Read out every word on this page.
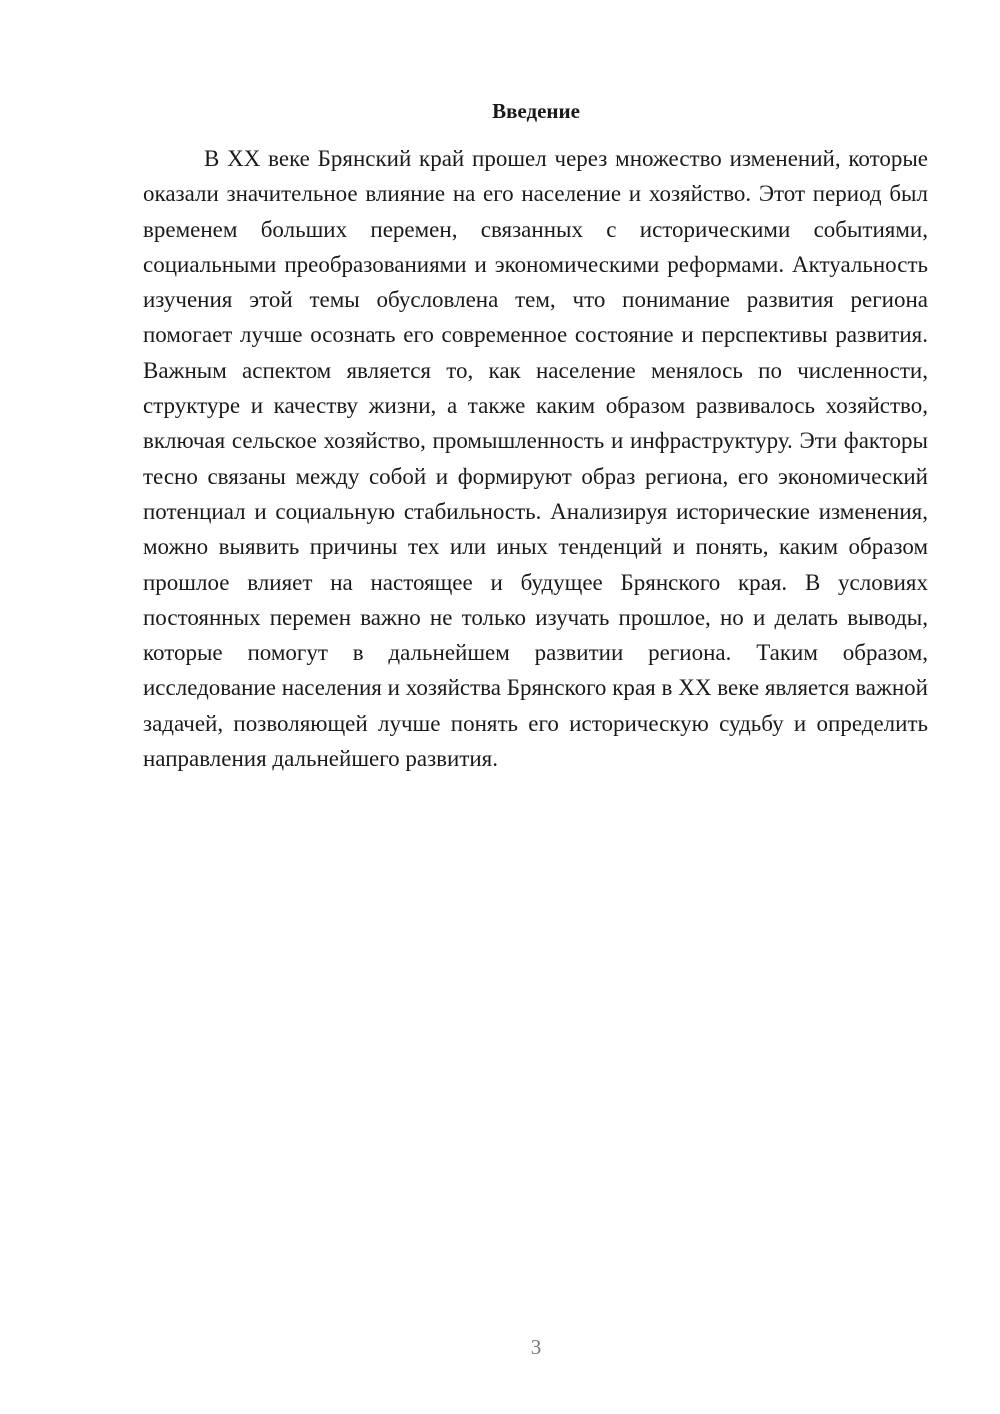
Введение

В XX веке Брянский край прошел через множество изменений, которые оказали значительное влияние на его население и хозяйство. Этот период был временем больших перемен, связанных с историческими событиями, социальными преобразованиями и экономическими реформами. Актуальность изучения этой темы обусловлена тем, что понимание развития региона помогает лучше осознать его современное состояние и перспективы развития. Важным аспектом является то, как население менялось по численности, структуре и качеству жизни, а также каким образом развивалось хозяйство, включая сельское хозяйство, промышленность и инфраструктуру. Эти факторы тесно связаны между собой и формируют образ региона, его экономический потенциал и социальную стабильность. Анализируя исторические изменения, можно выявить причины тех или иных тенденций и понять, каким образом прошлое влияет на настоящее и будущее Брянского края. В условиях постоянных перемен важно не только изучать прошлое, но и делать выводы, которые помогут в дальнейшем развитии региона. Таким образом, исследование населения и хозяйства Брянского края в XX веке является важной задачей, позволяющей лучше понять его историческую судьбу и определить направления дальнейшего развития.

3
